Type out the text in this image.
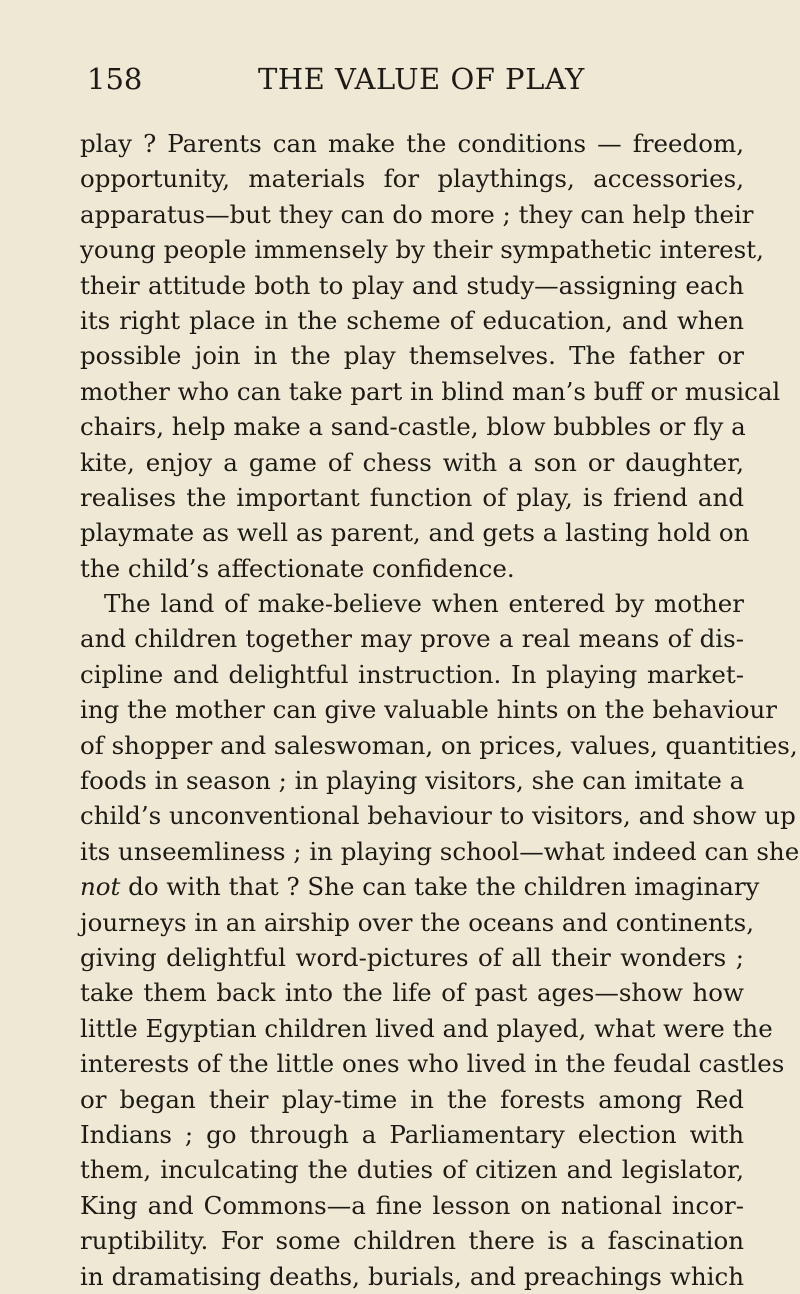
158	THE VALUE OF PLAY
play ? Parents can make the conditions — freedom,
opportunity, materials for playthings, accessories,
apparatus—but they can do more ; they can help their
young people immensely by their sympathetic interest,
their attitude both to play and study—assigning each
its right place in the scheme of education, and when
possible join in the play themselves. The father or
mother who can take part in blind man’s buff or musical
chairs, help make a sand-castle, blow bubbles or fly a
kite, enjoy a game of chess with a son or daughter,
realises the important function of play, is friend and
playmate as well as parent, and gets a lasting hold on
the child’s affectionate confidence.
The land of make-believe when entered by mother
and children together may prove a real means of dis-
cipline and delightful instruction. In playing market-
ing the mother can give valuable hints on the behaviour
of shopper and saleswoman, on prices, values, quantities,
foods in season ; in playing visitors, she can imitate a
child’s unconventional behaviour to visitors, and show up
its unseemliness ; in playing school—what indeed can she
not do with that ? She can take the children imaginary
journeys in an airship over the oceans and continents,
giving delightful word-pictures of all their wonders ;
take them back into the life of past ages—show how
little Egyptian children lived and played, what were the
interests of the little ones who lived in the feudal castles
or began their play-time in the forests among Red
Indians ; go through a Parliamentary election with
them, inculcating the duties of citizen and legislator,
King and Commons—a fine lesson on national incor-
ruptibility. For some children there is a fascination
in dramatising deaths, burials, and preachings which
